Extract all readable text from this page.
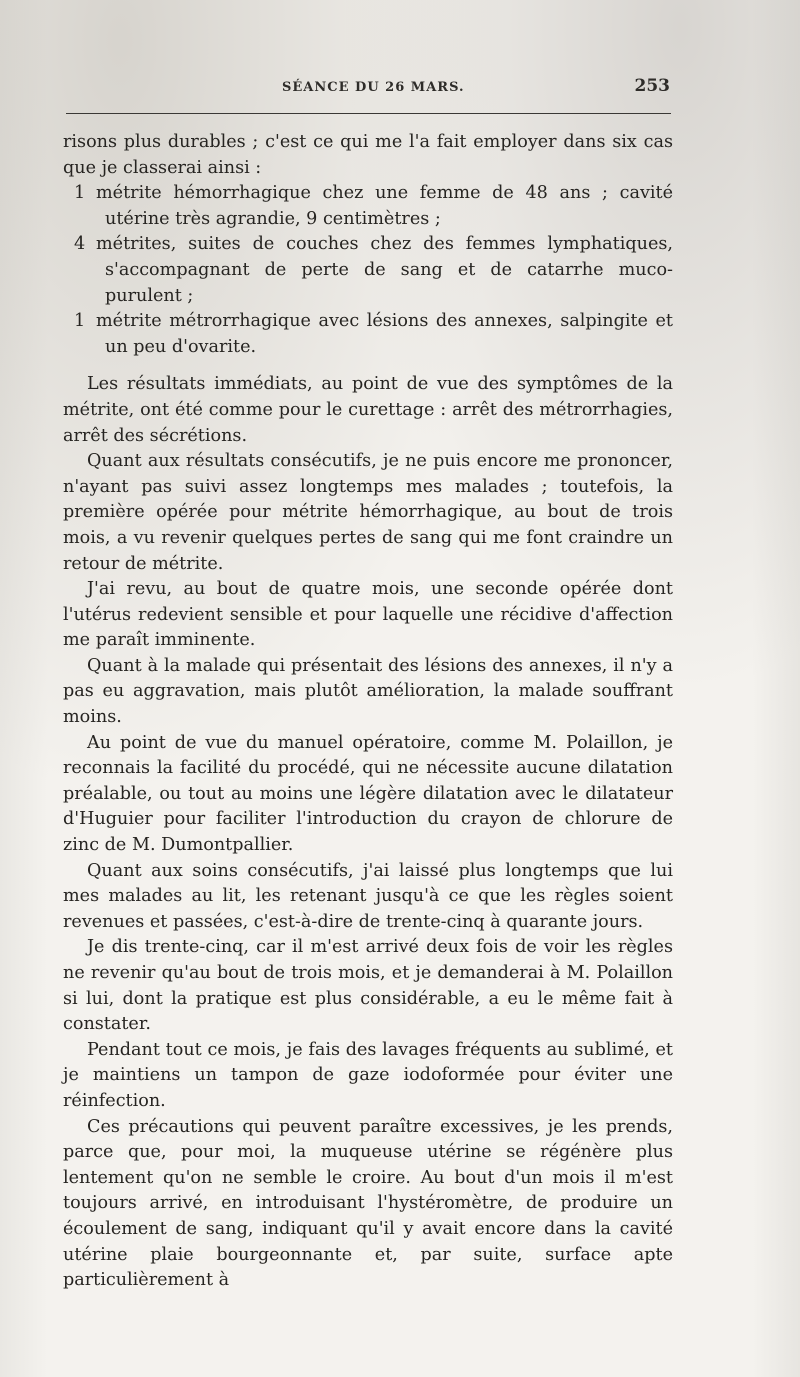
SÉANCE DU 26 MARS.	253

risons plus durables ; c'est ce qui me l'a fait employer dans six cas que je classerai ainsi :

1 métrite hémorrhagique chez une femme de 48 ans ; cavité utérine très agrandie, 9 centimètres ;

4 métrites, suites de couches chez des femmes lymphatiques, s'accompagnant de perte de sang et de catarrhe muco-purulent ;

1 métrite métrorrhagique avec lésions des annexes, salpingite et un peu d'ovarite.

Les résultats immédiats, au point de vue des symptômes de la métrite, ont été comme pour le curettage : arrêt des métrorrhagies, arrêt des sécrétions.

Quant aux résultats consécutifs, je ne puis encore me prononcer, n'ayant pas suivi assez longtemps mes malades ; toutefois, la première opérée pour métrite hémorrhagique, au bout de trois mois, a vu revenir quelques pertes de sang qui me font craindre un retour de métrite.

J'ai revu, au bout de quatre mois, une seconde opérée dont l'utérus redevient sensible et pour laquelle une récidive d'affection me paraît imminente.

Quant à la malade qui présentait des lésions des annexes, il n'y a pas eu aggravation, mais plutôt amélioration, la malade souffrant moins.

Au point de vue du manuel opératoire, comme M. Polaillon, je reconnais la facilité du procédé, qui ne nécessite aucune dilatation préalable, ou tout au moins une légère dilatation avec le dilatateur d'Huguier pour faciliter l'introduction du crayon de chlorure de zinc de M. Dumontpallier.

Quant aux soins consécutifs, j'ai laissé plus longtemps que lui mes malades au lit, les retenant jusqu'à ce que les règles soient revenues et passées, c'est-à-dire de trente-cinq à quarante jours.

Je dis trente-cinq, car il m'est arrivé deux fois de voir les règles ne revenir qu'au bout de trois mois, et je demanderai à M. Polaillon si lui, dont la pratique est plus considérable, a eu le même fait à constater.

Pendant tout ce mois, je fais des lavages fréquents au sublimé, et je maintiens un tampon de gaze iodoformée pour éviter une réinfection.

Ces précautions qui peuvent paraître excessives, je les prends, parce que, pour moi, la muqueuse utérine se régénère plus lentement qu'on ne semble le croire. Au bout d'un mois il m'est toujours arrivé, en introduisant l'hystéromètre, de produire un écoulement de sang, indiquant qu'il y avait encore dans la cavité utérine plaie bourgeonnante et, par suite, surface apte particulièrement à
